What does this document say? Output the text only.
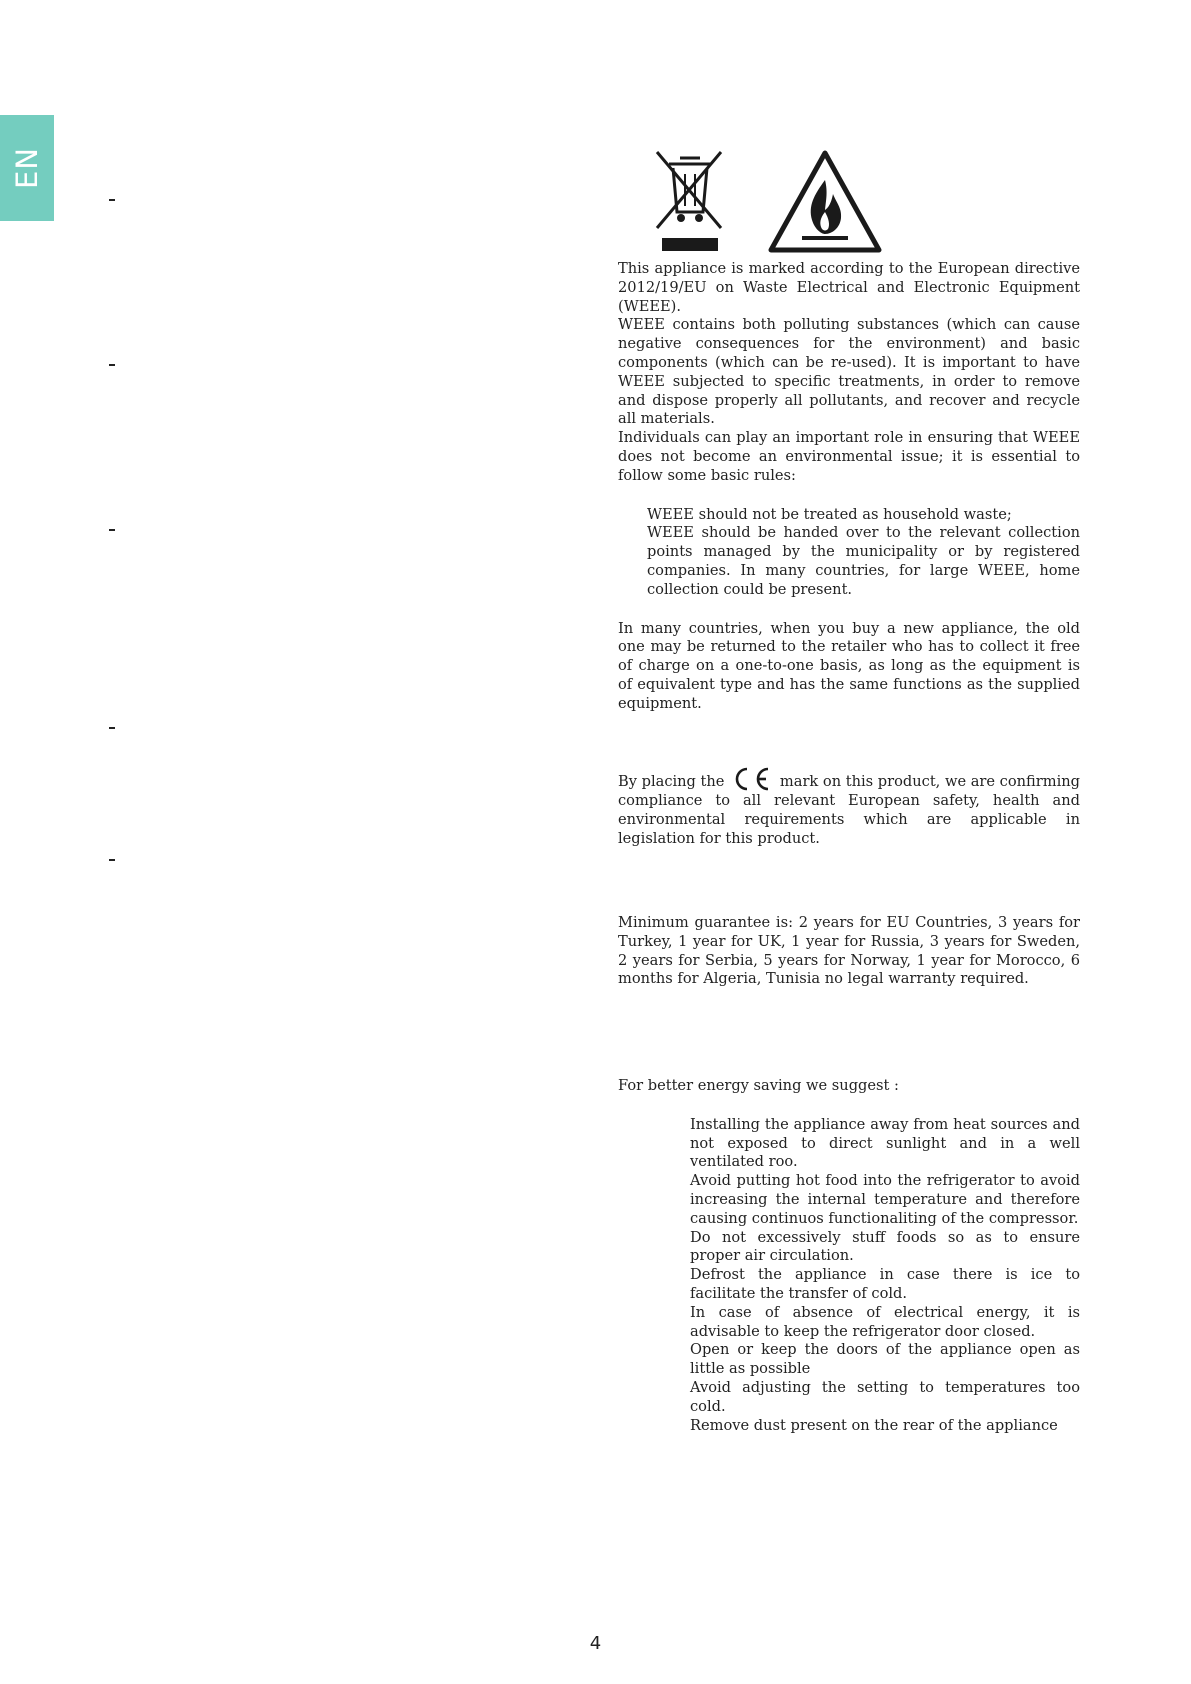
EN

This appliance is marked according to the European directive 2012/19/EU on Waste Electrical and Electronic Equipment (WEEE).

WEEE contains both polluting substances (which can cause negative consequences for the environment) and basic components (which can be re-used). It is important to have WEEE subjected to specific treatments, in order to remove and dispose properly all pollutants, and recover and recycle all materials.

Individuals can play an important role in ensuring that WEEE does not become an environmental issue; it is essential to follow some basic rules:

WEEE should not be treated as household waste;
WEEE should be handed over to the relevant collection points managed by the municipality or by registered companies. In many countries, for large WEEE, home collection could be present.

In many countries, when you buy a new appliance, the old one may be returned to the retailer who has to collect it free of charge on a one-to-one basis, as long as the equipment is of equivalent type and has the same functions as the supplied equipment.

By placing the	mark on this product, we are confirming

compliance to all relevant European safety, health and environmental requirements which are applicable in legislation for this product.

Minimum guarantee is: 2 years for EU Countries, 3 years for Turkey, 1 year for UK, 1 year for Russia, 3 years for Sweden, 2 years for Serbia, 5 years for Norway, 1 year for Morocco, 6 months for Algeria, Tunisia no legal warranty required.

For better energy saving we suggest :

Installing the appliance away from heat sources and not exposed to direct sunlight and in a well ventilated roo.
Avoid putting hot food into the refrigerator to avoid increasing the internal temperature and therefore causing continuos functionaliting of the compressor.
Do not excessively stuff foods so as to ensure proper air circulation.
Defrost the appliance in case there is ice to facilitate the transfer of cold.
In case of absence of electrical energy, it is advisable to keep the refrigerator door closed.
Open or keep the doors of the appliance open as little as possible
Avoid adjusting the setting to temperatures too cold.
Remove dust present on the rear of the appliance
4
